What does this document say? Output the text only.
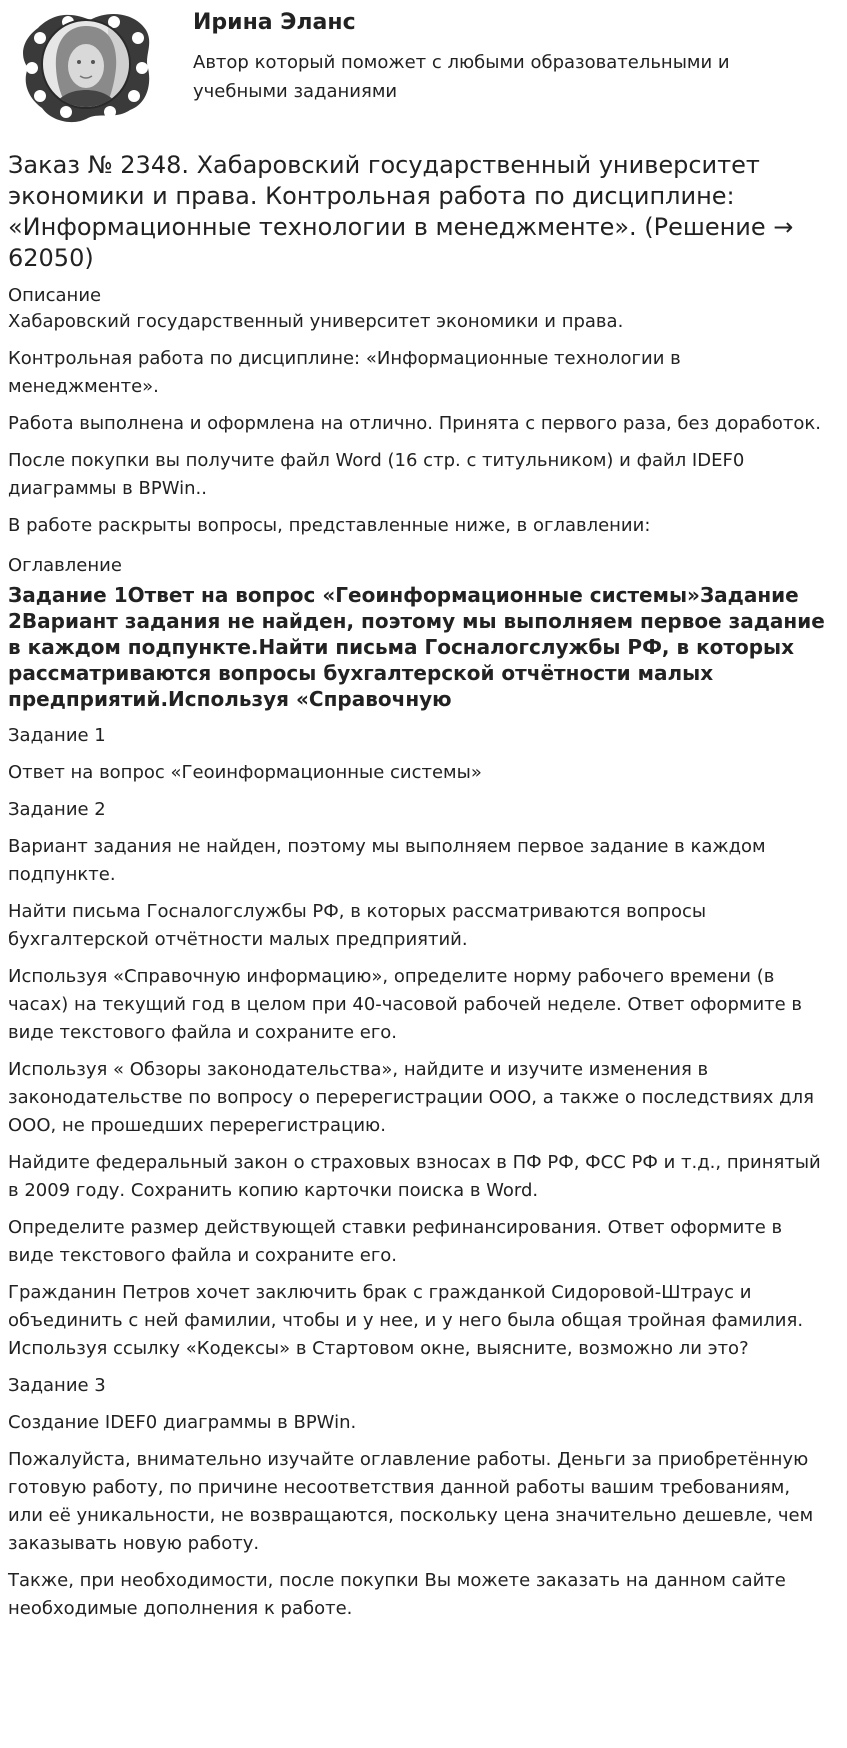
Ирина Эланс
Автор который поможет с любыми образовательными и учебными заданиями
Заказ № 2348. Хабаровский государственный университет экономики и права. Контрольная работа по дисциплине: «Информационные технологии в менеджменте». (Решение → 62050)
Описание

Хабаровский государственный университет экономики и права.

Контрольная работа по дисциплине: «Информационные технологии в менеджменте».

Работа выполнена и оформлена на отлично. Принята с первого раза, без доработок.

После покупки вы получите файл Word (16 стр. с титульником) и файл IDEF0 диаграммы в BPWin..

В работе раскрыты вопросы, представленные ниже, в оглавлении:

Оглавление
Задание 1Ответ на вопрос «Геоинформационные системы»Задание 2Вариант задания не найден, поэтому мы выполняем первое задание в каждом подпункте.Найти письма Госналогслужбы РФ, в которых рассматриваются вопросы бухгалтерской отчётности малых предприятий.Используя «Справочную

Задание 1

Ответ на вопрос «Геоинформационные системы»

Задание 2

Вариант задания не найден, поэтому мы выполняем первое задание в каждом подпункте.

Найти письма Госналогслужбы РФ, в которых рассматриваются вопросы бухгалтерской отчётности малых предприятий.

Используя «Справочную информацию», определите норму рабочего времени (в часах) на текущий год в целом при 40-часовой рабочей неделе. Ответ оформите в виде текстового файла и сохраните его.

Используя « Обзоры законодательства», найдите и изучите изменения в законодательстве по вопросу о перерегистрации ООО, а также о последствиях для ООО, не прошедших перерегистрацию.

Найдите федеральный закон о страховых взносах в ПФ РФ, ФСС РФ и т.д., принятый в 2009 году. Сохранить копию карточки поиска в Word.

Определите размер действующей ставки рефинансирования. Ответ оформите в виде текстового файла и сохраните его.

Гражданин Петров хочет заключить брак с гражданкой Сидоровой-Штраус и объединить с ней фамилии, чтобы и у нее, и у него была общая тройная фамилия. Используя ссылку «Кодексы» в Стартовом окне, выясните, возможно ли это?

Задание 3

Создание IDEF0 диаграммы в BPWin.

Пожалуйста, внимательно изучайте оглавление работы. Деньги за приобретённую готовую работу, по причине несоответствия данной работы вашим требованиям, или её уникальности, не возвращаются, поскольку цена значительно дешевле, чем заказывать новую работу.

Также, при необходимости, после покупки Вы можете заказать на данном сайте необходимые дополнения к работе.
